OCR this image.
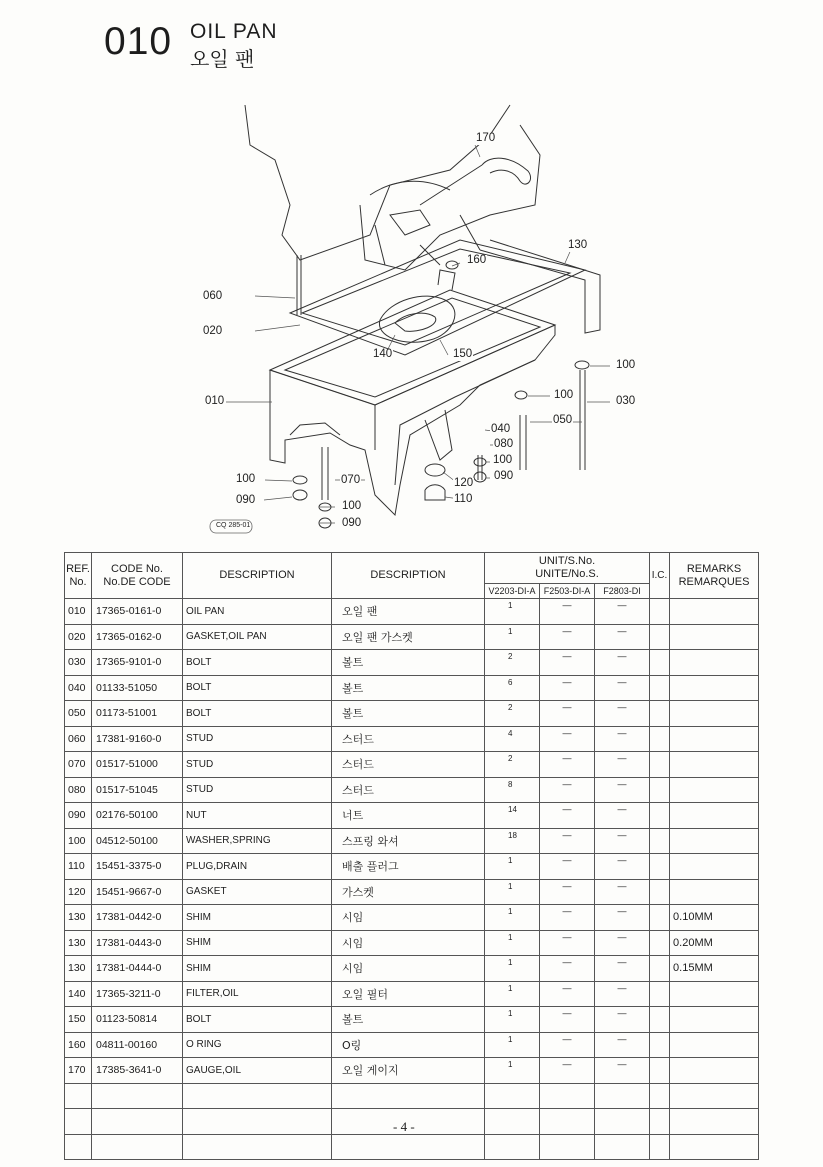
010 OIL PAN
오일 팬
170
130
160
060
020
140	150
100
010	100	030
050
040
080
100
090
100	070	120
090	110
100
090
CQ 285-01
REF.
No.	CODE No.
No.DE CODE	DESCRIPTION	DESCRIPTION	UNIT/S.No.
UNITE/No.S.			I.C.	REMARKS
REMARQUES
				V2203-DI-A	F2503-DI-A	F2803-DI		
010	17365-0161-0	OIL PAN	오일 팬	1	—	—		
020	17365-0162-0	GASKET,OIL PAN	오일 팬 가스켓	1	—	—		
030	17365-9101-0	BOLT	볼트	2	—	—		
040	01133-51050	BOLT	볼트	6	—	—		
050	01173-51001	BOLT	볼트	2	—	—		
060	17381-9160-0	STUD	스터드	4	—	—		
070	01517-51000	STUD	스터드	2	—	—		
080	01517-51045	STUD	스터드	8	—	—		
090	02176-50100	NUT	너트	14	—	—		
100	04512-50100	WASHER,SPRING	스프링 와셔	18	—	—		
110	15451-3375-0	PLUG,DRAIN	배출 플러그	1	—	—		
120	15451-9667-0	GASKET	가스켓	1	—	—		
130	17381-0442-0	SHIM	시임	1	—	—		0.10MM
130	17381-0443-0	SHIM	시임	1	—	—		0.20MM
130	17381-0444-0	SHIM	시임	1	—	—		0.15MM
140	17365-3211-0	FILTER,OIL	오일 필터	1	—	—		
150	01123-50814	BOLT	볼트	1	—	—		
160	04811-00160	O RING	O링	1	—	—		
170	17385-3641-0	GAUGE,OIL	오일 게이지	1	—	—		

- 4 -
